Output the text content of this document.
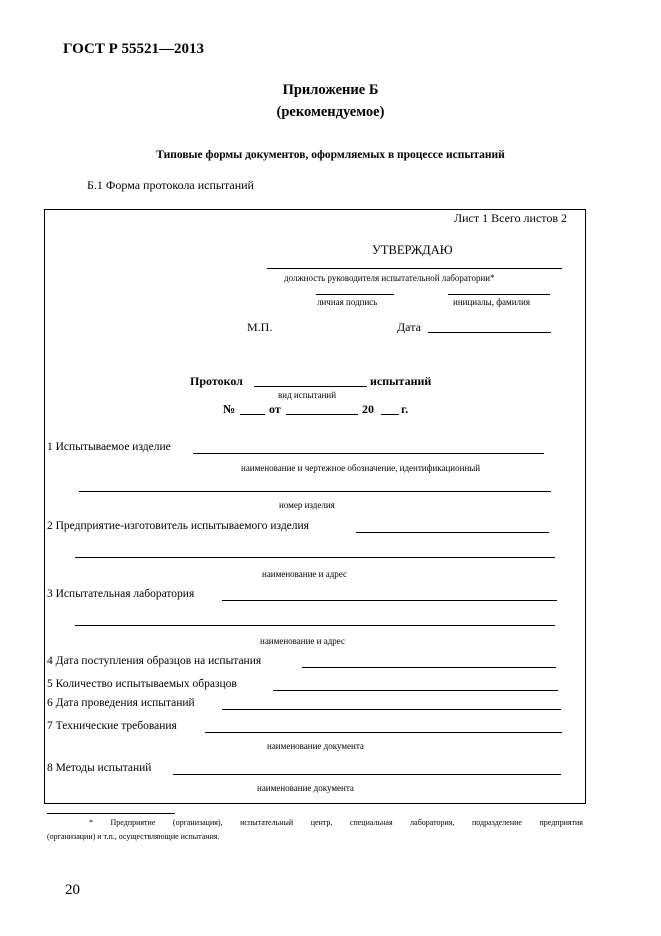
ГОСТ Р 55521—2013
Приложение Б
(рекомендуемое)
Типовые формы документов, оформляемых в процессе испытаний
Б.1 Форма протокола испытаний
Лист 1 Всего листов 2
УТВЕРЖДАЮ
должность руководителя испытательной лаборатории*
личная подпись	инициалы, фамилия
М.П.	Дата
Протокол	испытаний
вид испытаний
№	от	20 г.
1 Испытываемое изделие
наименование и чертежное обозначение, идентификационный
номер изделия
2 Предприятие-изготовитель испытываемого изделия
наименование и адрес
3 Испытательная лаборатория
наименование и адрес
4 Дата поступления образцов на испытания
5 Количество испытываемых образцов
6 Дата проведения испытаний
7 Технические требования
наименование документа
8 Методы испытаний
наименование документа
* Предприятие (организация), испытательный центр, специальная лаборатория, подразделение предприятия
(организации) и т.п., осуществляющие испытания.
20
